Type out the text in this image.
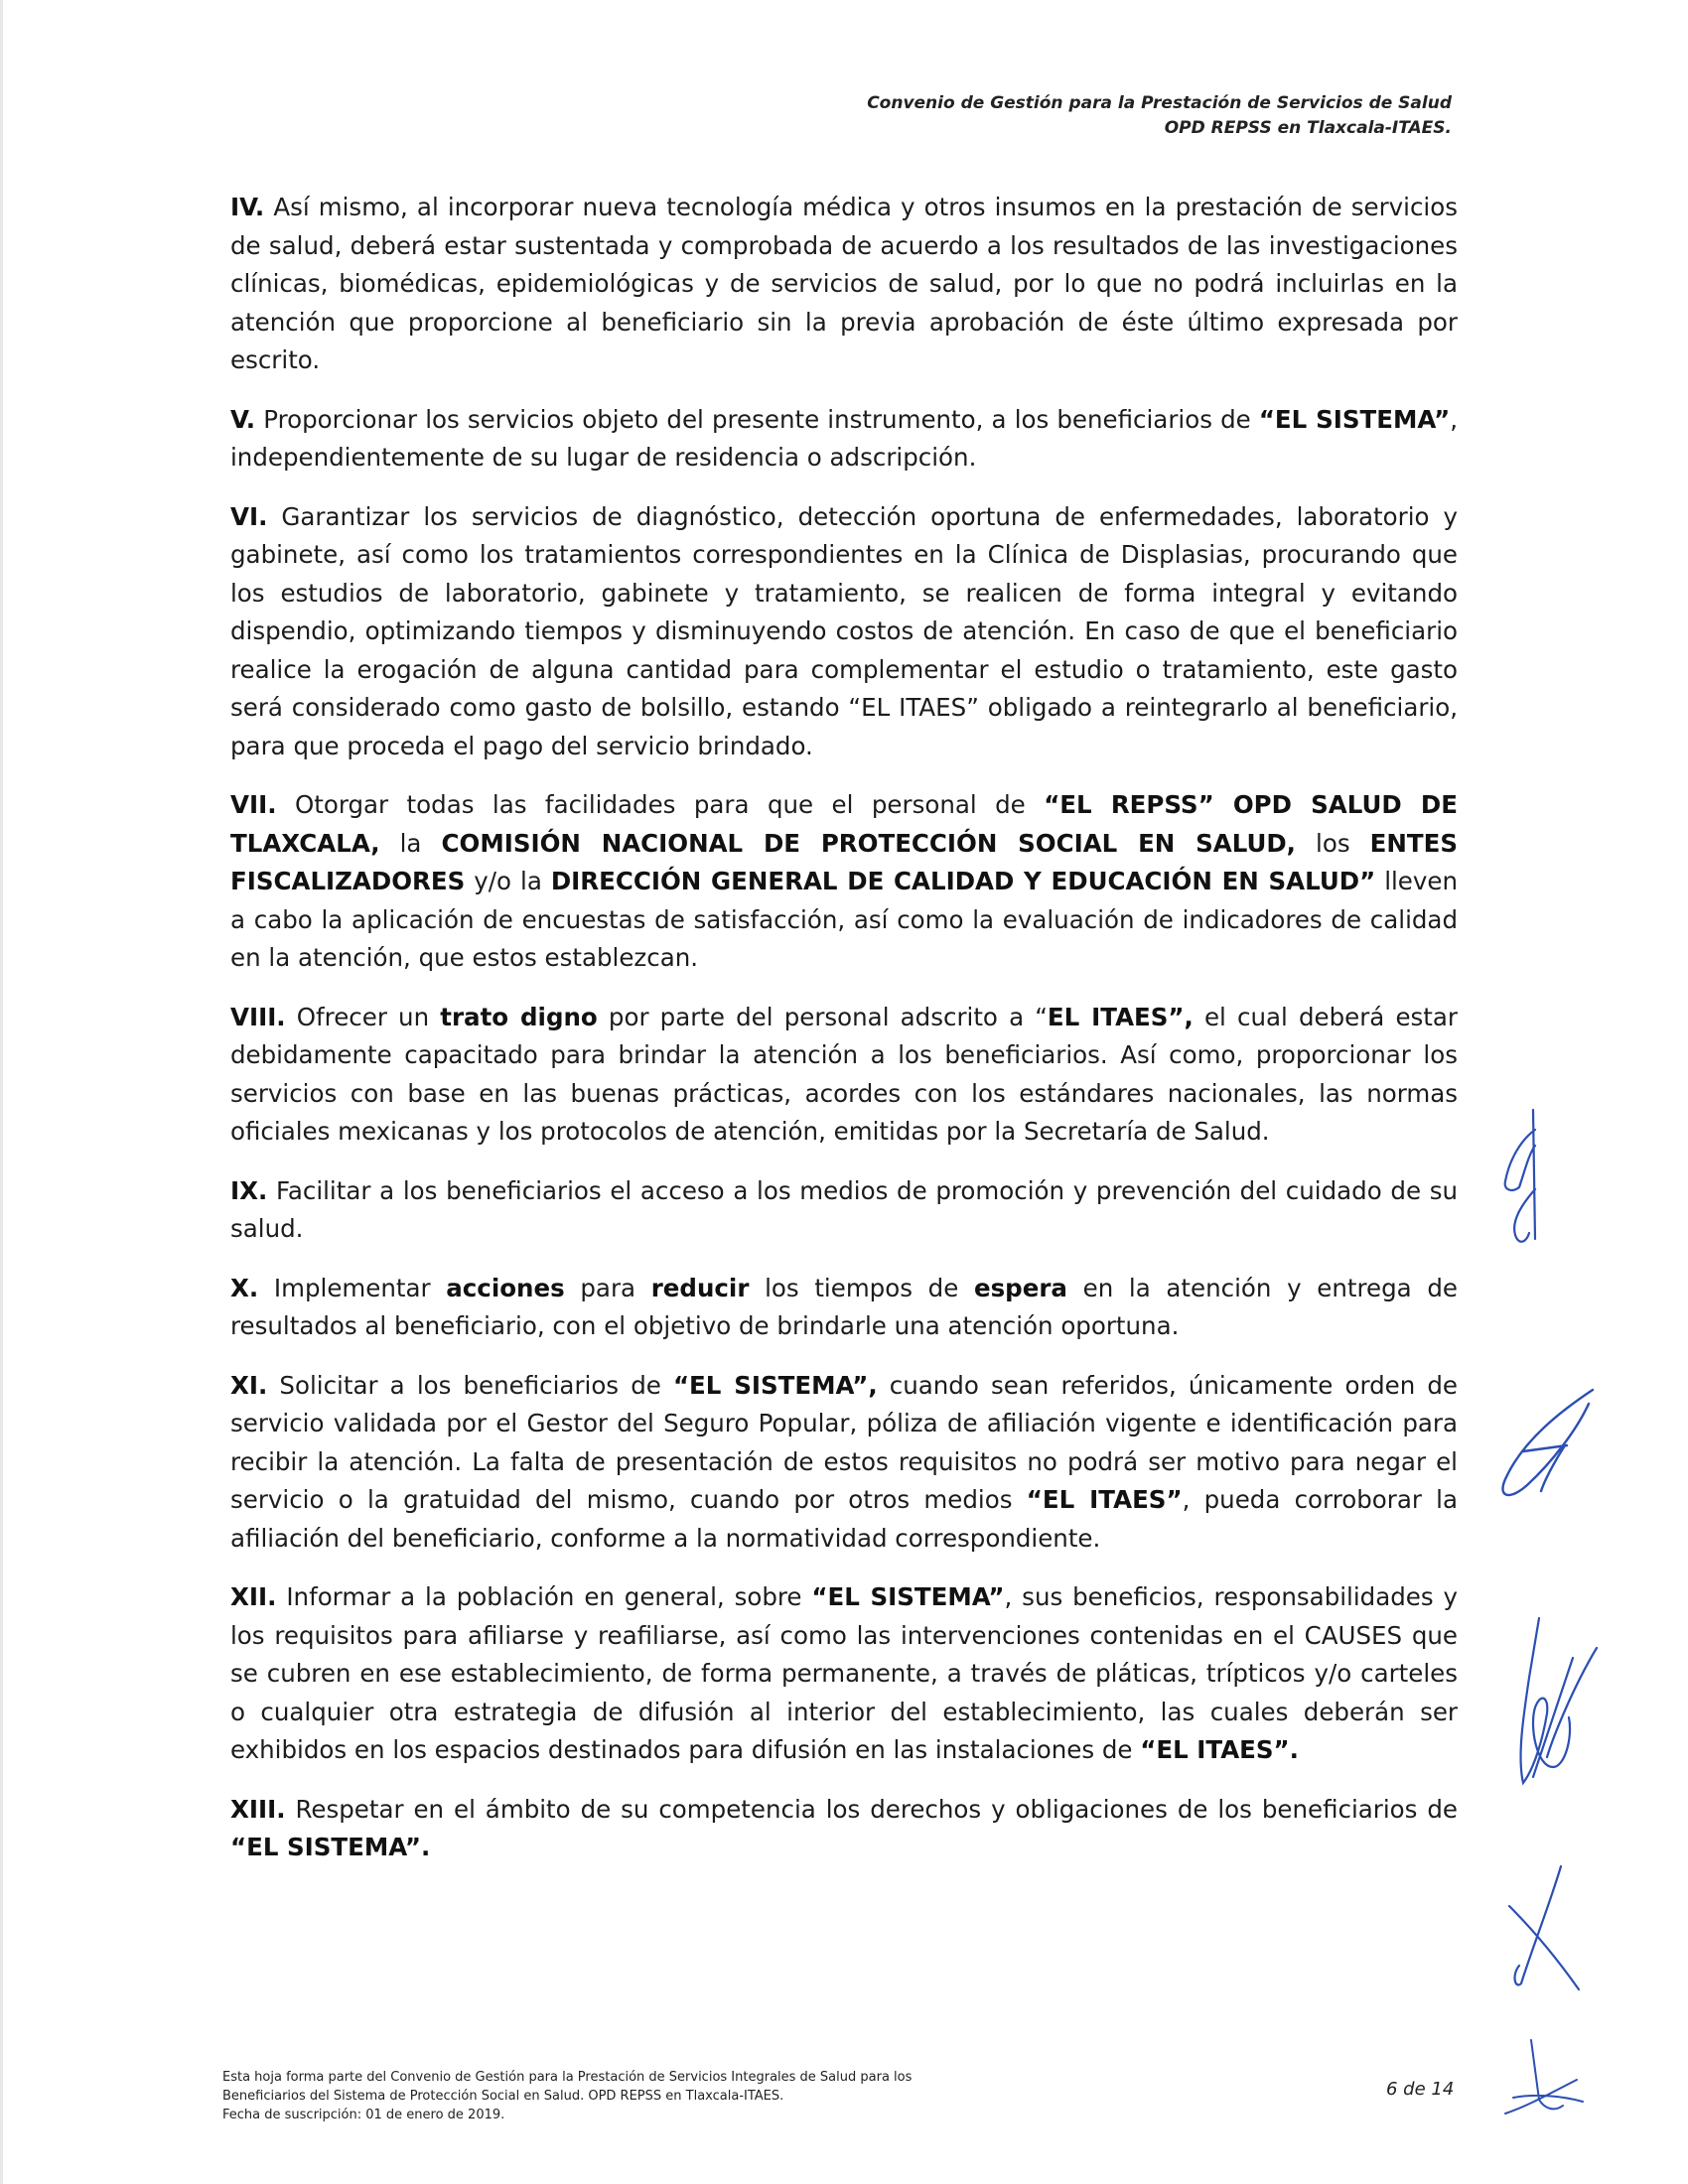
Convenio de Gestión para la Prestación de Servicios de Salud
OPD REPSS en Tlaxcala-ITAES.

IV. Así mismo, al incorporar nueva tecnología médica y otros insumos en la prestación de servicios de salud, deberá estar sustentada y comprobada de acuerdo a los resultados de las investigaciones clínicas, biomédicas, epidemiológicas y de servicios de salud, por lo que no podrá incluirlas en la atención que proporcione al beneficiario sin la previa aprobación de éste último expresada por escrito.

V. Proporcionar los servicios objeto del presente instrumento, a los beneficiarios de “EL SISTEMA”, independientemente de su lugar de residencia o adscripción.

VI. Garantizar los servicios de diagnóstico, detección oportuna de enfermedades, laboratorio y gabinete, así como los tratamientos correspondientes en la Clínica de Displasias, procurando que los estudios de laboratorio, gabinete y tratamiento, se realicen de forma integral y evitando dispendio, optimizando tiempos y disminuyendo costos de atención. En caso de que el beneficiario realice la erogación de alguna cantidad para complementar el estudio o tratamiento, este gasto será considerado como gasto de bolsillo, estando “EL ITAES” obligado a reintegrarlo al beneficiario, para que proceda el pago del servicio brindado.

VII. Otorgar todas las facilidades para que el personal de “EL REPSS” OPD SALUD DE TLAXCALA, la COMISIÓN NACIONAL DE PROTECCIÓN SOCIAL EN SALUD, los ENTES FISCALIZADORES y/o la DIRECCIÓN GENERAL DE CALIDAD Y EDUCACIÓN EN SALUD” lleven a cabo la aplicación de encuestas de satisfacción, así como la evaluación de indicadores de calidad en la atención, que estos establezcan.

VIII. Ofrecer un trato digno por parte del personal adscrito a “EL ITAES”, el cual deberá estar debidamente capacitado para brindar la atención a los beneficiarios. Así como, proporcionar los servicios con base en las buenas prácticas, acordes con los estándares nacionales, las normas oficiales mexicanas y los protocolos de atención, emitidas por la Secretaría de Salud.

IX. Facilitar a los beneficiarios el acceso a los medios de promoción y prevención del cuidado de su salud.

X. Implementar acciones para reducir los tiempos de espera en la atención y entrega de resultados al beneficiario, con el objetivo de brindarle una atención oportuna.

XI. Solicitar a los beneficiarios de “EL SISTEMA”, cuando sean referidos, únicamente orden de servicio validada por el Gestor del Seguro Popular, póliza de afiliación vigente e identificación para recibir la atención. La falta de presentación de estos requisitos no podrá ser motivo para negar el servicio o la gratuidad del mismo, cuando por otros medios “EL ITAES”, pueda corroborar la afiliación del beneficiario, conforme a la normatividad correspondiente.

XII. Informar a la población en general, sobre “EL SISTEMA”, sus beneficios, responsabilidades y los requisitos para afiliarse y reafiliarse, así como las intervenciones contenidas en el CAUSES que se cubren en ese establecimiento, de forma permanente, a través de pláticas, trípticos y/o carteles o cualquier otra estrategia de difusión al interior del establecimiento, las cuales deberán ser exhibidos en los espacios destinados para difusión en las instalaciones de “EL ITAES”.

XIII. Respetar en el ámbito de su competencia los derechos y obligaciones de los beneficiarios de “EL SISTEMA”.

Esta hoja forma parte del Convenio de Gestión para la Prestación de Servicios Integrales de Salud para los
Beneficiarios del Sistema de Protección Social en Salud. OPD REPSS en Tlaxcala-ITAES.
Fecha de suscripción: 01 de enero de 2019.
6 de 14
